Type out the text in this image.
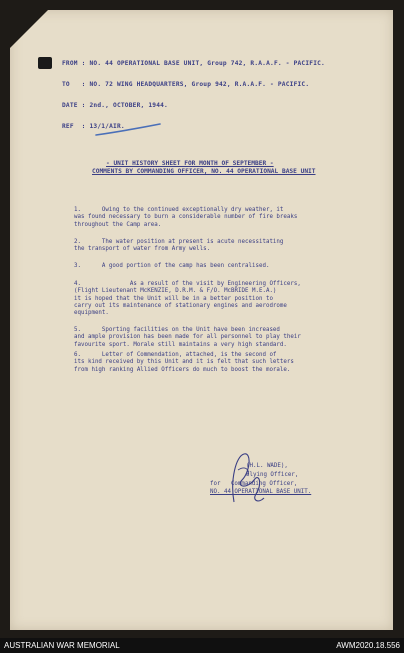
FROM : NO. 44 OPERATIONAL BASE UNIT, Group 742, R.A.A.F. - PACIFIC.
TO   : NO. 72 WING HEADQUARTERS, Group 942, R.A.A.F. - PACIFIC.
DATE : 2nd., OCTOBER, 1944.
REF  : 13/1/AIR.
- UNIT HISTORY SHEET FOR MONTH OF SEPTEMBER -
COMMENTS BY COMMANDING OFFICER, NO. 44 OPERATIONAL BASE UNIT
1.      Owing to the continued exceptionally dry weather, it
was found necessary to burn a considerable number of fire breaks
throughout the Camp area.
2.      The water position at present is acute necessitating
the transport of water from Army wells.
3.      A good portion of the camp has been centralised.
4.              As a result of the visit by Engineering Officers,
(Flight Lieutenant McKENZIE, D.R.M. & F/O. McBRIDE M.E.A.)
it is hoped that the Unit will be in a better position to
carry out its maintenance of stationary engines and aerodrome
equipment.
5.      Sporting facilities on the Unit have been increased
and ample provision has been made for all personnel to play their
favourite sport. Morale still maintains a very high standard.
6.      Letter of Commendation, attached, is the second of
its kind received by this Unit and it is felt that such letters
from high ranking Allied Officers do much to boost the morale.
(H.L. WADE),
Flying Officer,
for   Commanding Officer,
NO. 44 OPERATIONAL BASE UNIT.
AUSTRALIAN WAR MEMORIAL	AWM2020.18.556
